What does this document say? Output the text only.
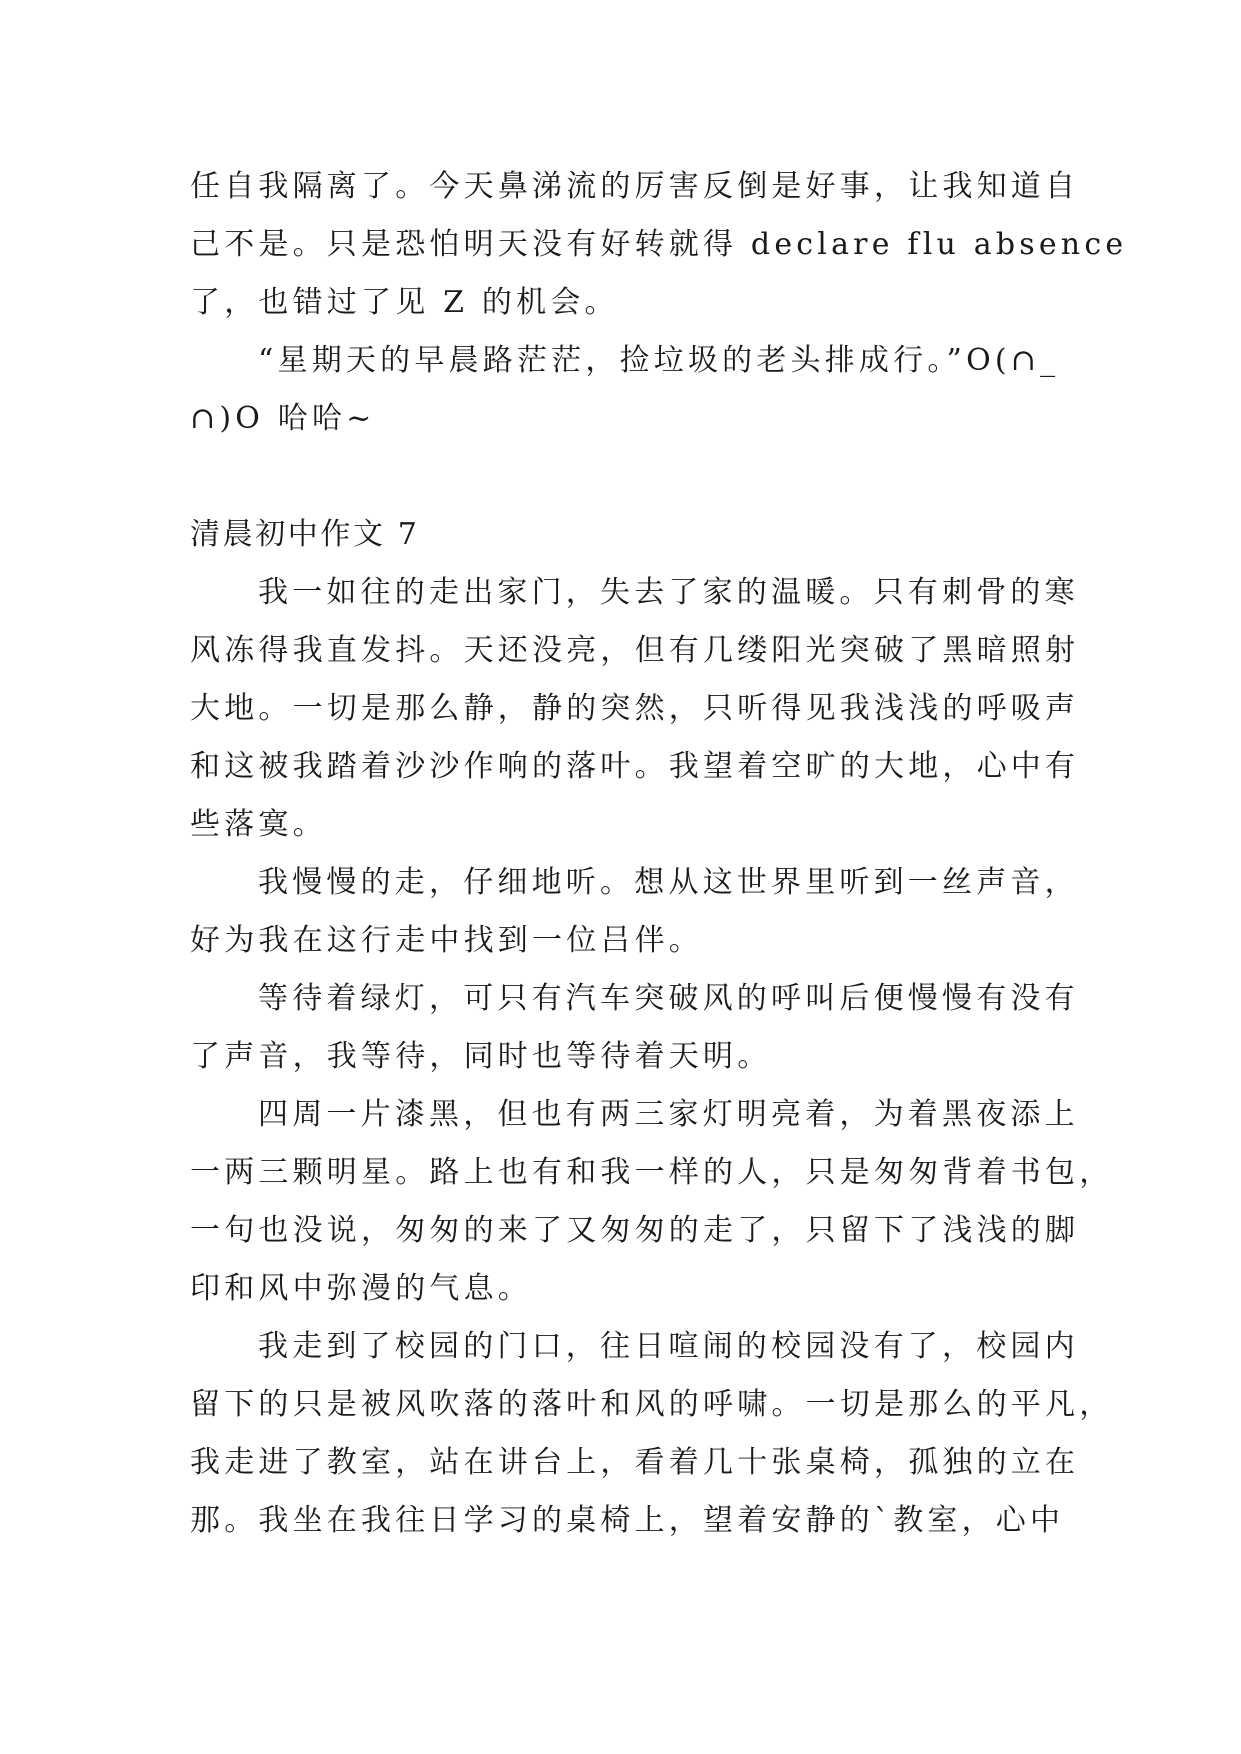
任自我隔离了。今天鼻涕流的厉害反倒是好事，让我知道自
己不是。只是恐怕明天没有好转就得 declare flu absence
了，也错过了见 Z 的机会。
“星期天的早晨路茫茫，捡垃圾的老头排成行。”O(∩_
∩)O 哈哈~
清晨初中作文 7
我一如往的走出家门，失去了家的温暖。只有刺骨的寒
风冻得我直发抖。天还没亮，但有几缕阳光突破了黑暗照射
大地。一切是那么静，静的突然，只听得见我浅浅的呼吸声
和这被我踏着沙沙作响的落叶。我望着空旷的大地，心中有
些落寞。
我慢慢的走，仔细地听。想从这世界里听到一丝声音，
好为我在这行走中找到一位吕伴。
等待着绿灯，可只有汽车突破风的呼叫后便慢慢有没有
了声音，我等待，同时也等待着天明。
四周一片漆黑，但也有两三家灯明亮着，为着黑夜添上
一两三颗明星。路上也有和我一样的人，只是匆匆背着书包，
一句也没说，匆匆的来了又匆匆的走了，只留下了浅浅的脚
印和风中弥漫的气息。
我走到了校园的门口，往日喧闹的校园没有了，校园内
留下的只是被风吹落的落叶和风的呼啸。一切是那么的平凡，
我走进了教室，站在讲台上，看着几十张桌椅，孤独的立在
那。我坐在我往日学习的桌椅上，望着安静的`教室，心中
